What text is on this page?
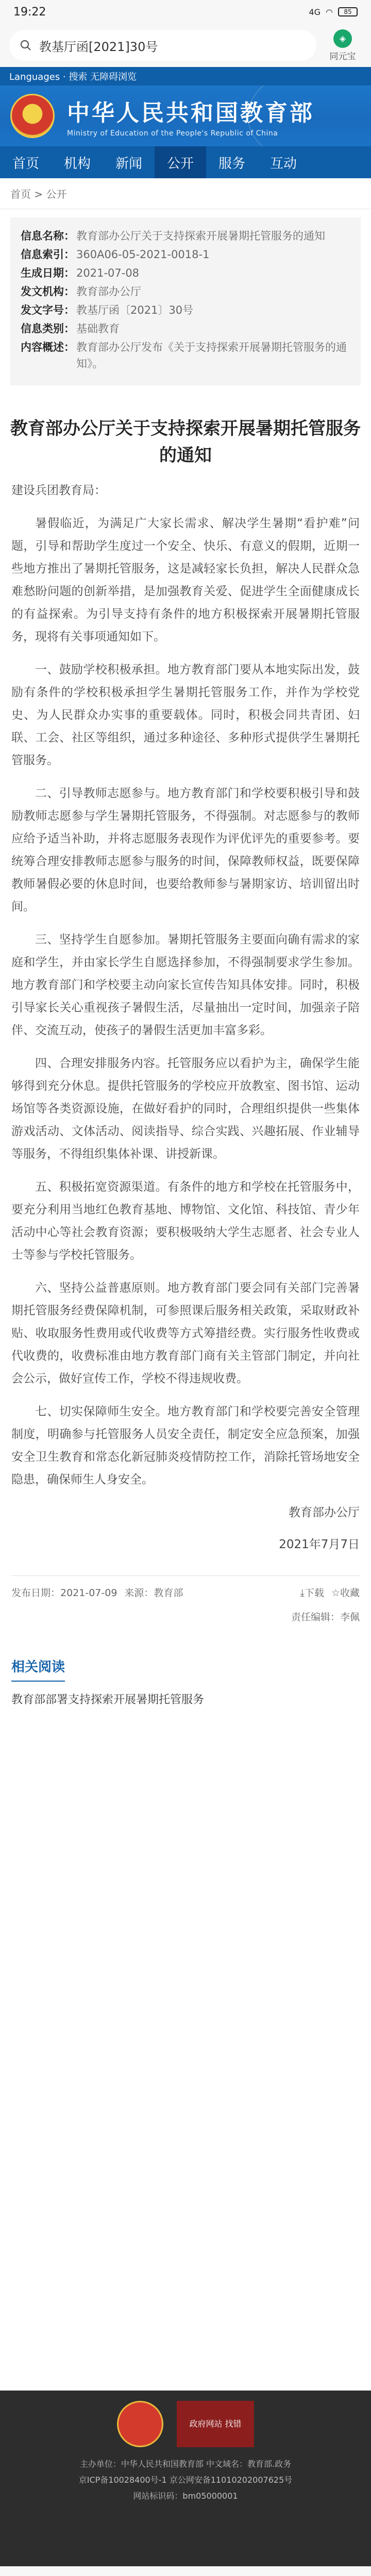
19:22	4G ◠ 85
教基厅函[2021]30号
◈
同元宝
Languages · 搜索 无障碍浏览
中华人民共和国教育部
Ministry of Education of the People's Republic of China
首页	机构	新闻	公开	服务	互动
首页 > 公开
信息名称： 教育部办公厅关于支持探索开展暑期托管服务的通知
信息索引： 360A06-05-2021-0018-1
生成日期： 2021-07-08
发文机构： 教育部办公厅
发文字号： 教基厅函〔2021〕30号
信息类别： 基础教育
内容概述： 教育部办公厅发布《关于支持探索开展暑期托管服务的通知》。
教育部办公厅关于支持探索开展暑期托管服务的通知

建设兵团教育局：

暑假临近，为满足广大家长需求、解决学生暑期“看护难”问题，引导和帮助学生度过一个安全、快乐、有意义的假期，近期一些地方推出了暑期托管服务，这是减轻家长负担，解决人民群众急难愁盼问题的创新举措，是加强教育关爱、促进学生全面健康成长的有益探索。为引导支持有条件的地方积极探索开展暑期托管服务，现将有关事项通知如下。

一、鼓励学校积极承担。地方教育部门要从本地实际出发，鼓励有条件的学校积极承担学生暑期托管服务工作，并作为学校党史、为人民群众办实事的重要载体。同时，积极会同共青团、妇联、工会、社区等组织，通过多种途径、多种形式提供学生暑期托管服务。

二、引导教师志愿参与。地方教育部门和学校要积极引导和鼓励教师志愿参与学生暑期托管服务，不得强制。对志愿参与的教师应给予适当补助，并将志愿服务表现作为评优评先的重要参考。要统筹合理安排教师志愿参与服务的时间，保障教师权益，既要保障教师暑假必要的休息时间，也要给教师参与暑期家访、培训留出时间。

三、坚持学生自愿参加。暑期托管服务主要面向确有需求的家庭和学生，并由家长学生自愿选择参加，不得强制要求学生参加。地方教育部门和学校要主动向家长宣传告知具体安排。同时，积极引导家长关心重视孩子暑假生活，尽量抽出一定时间，加强亲子陪伴、交流互动，使孩子的暑假生活更加丰富多彩。

四、合理安排服务内容。托管服务应以看护为主，确保学生能够得到充分休息。提供托管服务的学校应开放教室、图书馆、运动场馆等各类资源设施，在做好看护的同时，合理组织提供一些集体游戏活动、文体活动、阅读指导、综合实践、兴趣拓展、作业辅导等服务，不得组织集体补课、讲授新课。

五、积极拓宽资源渠道。有条件的地方和学校在托管服务中，要充分利用当地红色教育基地、博物馆、文化馆、科技馆、青少年活动中心等社会教育资源；要积极吸纳大学生志愿者、社会专业人士等参与学校托管服务。

六、坚持公益普惠原则。地方教育部门要会同有关部门完善暑期托管服务经费保障机制，可参照课后服务相关政策，采取财政补贴、收取服务性费用或代收费等方式筹措经费。实行服务性收费或代收费的，收费标准由地方教育部门商有关主管部门制定，并向社会公示，做好宣传工作，学校不得违规收费。

七、切实保障师生安全。地方教育部门和学校要完善安全管理制度，明确参与托管服务人员安全责任，制定安全应急预案，加强安全卫生教育和常态化新冠肺炎疫情防控工作，消除托管场地安全隐患，确保师生人身安全。

教育部办公厅

2021年7月7日

发布日期：2021-07-09 来源：教育部	⤓下载 ☆收藏
责任编辑：李佩
相关阅读
教育部部署支持探索开展暑期托管服务
政府网站 找错

主办单位：中华人民共和国教育部 中文域名：教育部.政务

京ICP备10028400号-1 京公网安备11010202007625号

网站标识码：bm05000001
